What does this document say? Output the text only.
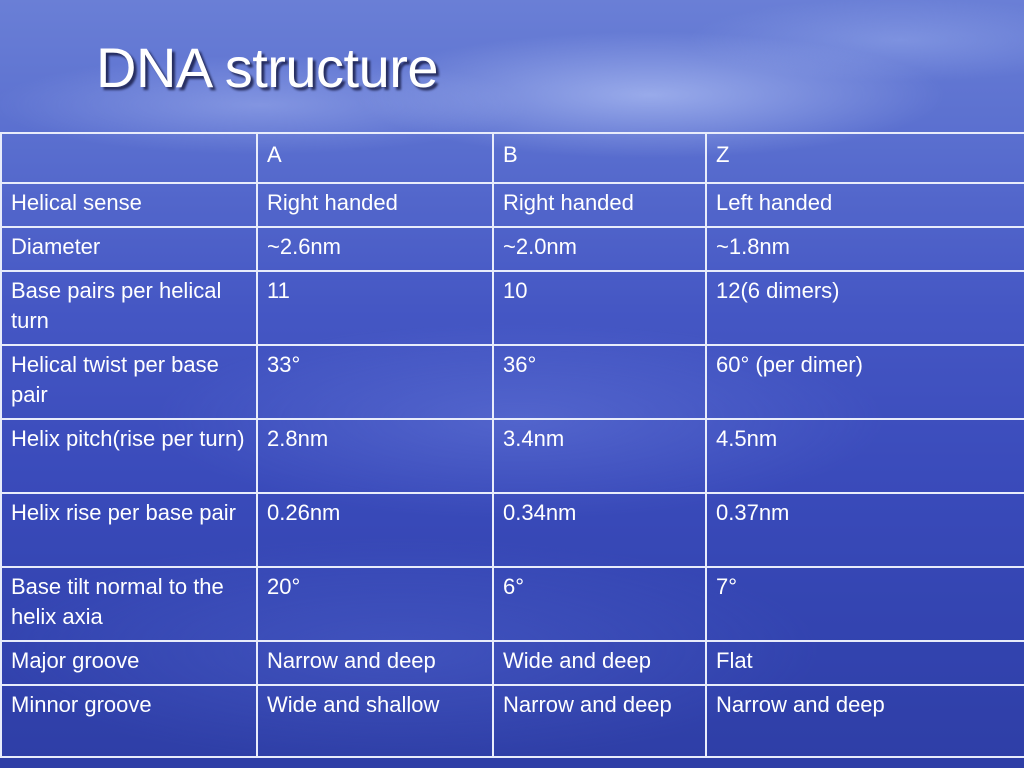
DNA structure
	A	B	Z
Helical sense	Right handed	Right handed	Left handed
Diameter	~2.6nm	~2.0nm	~1.8nm
Base pairs per helical turn	11	10	12(6 dimers)
Helical twist per base pair	33°	36°	60° (per dimer)
Helix pitch(rise per turn)	2.8nm	3.4nm	4.5nm
Helix rise per base pair	0.26nm	0.34nm	0.37nm
Base tilt normal to the helix axia	20°	6°	7°
Major groove	Narrow and deep	Wide and deep	Flat
Minnor groove	Wide and shallow	Narrow and deep	Narrow and deep
